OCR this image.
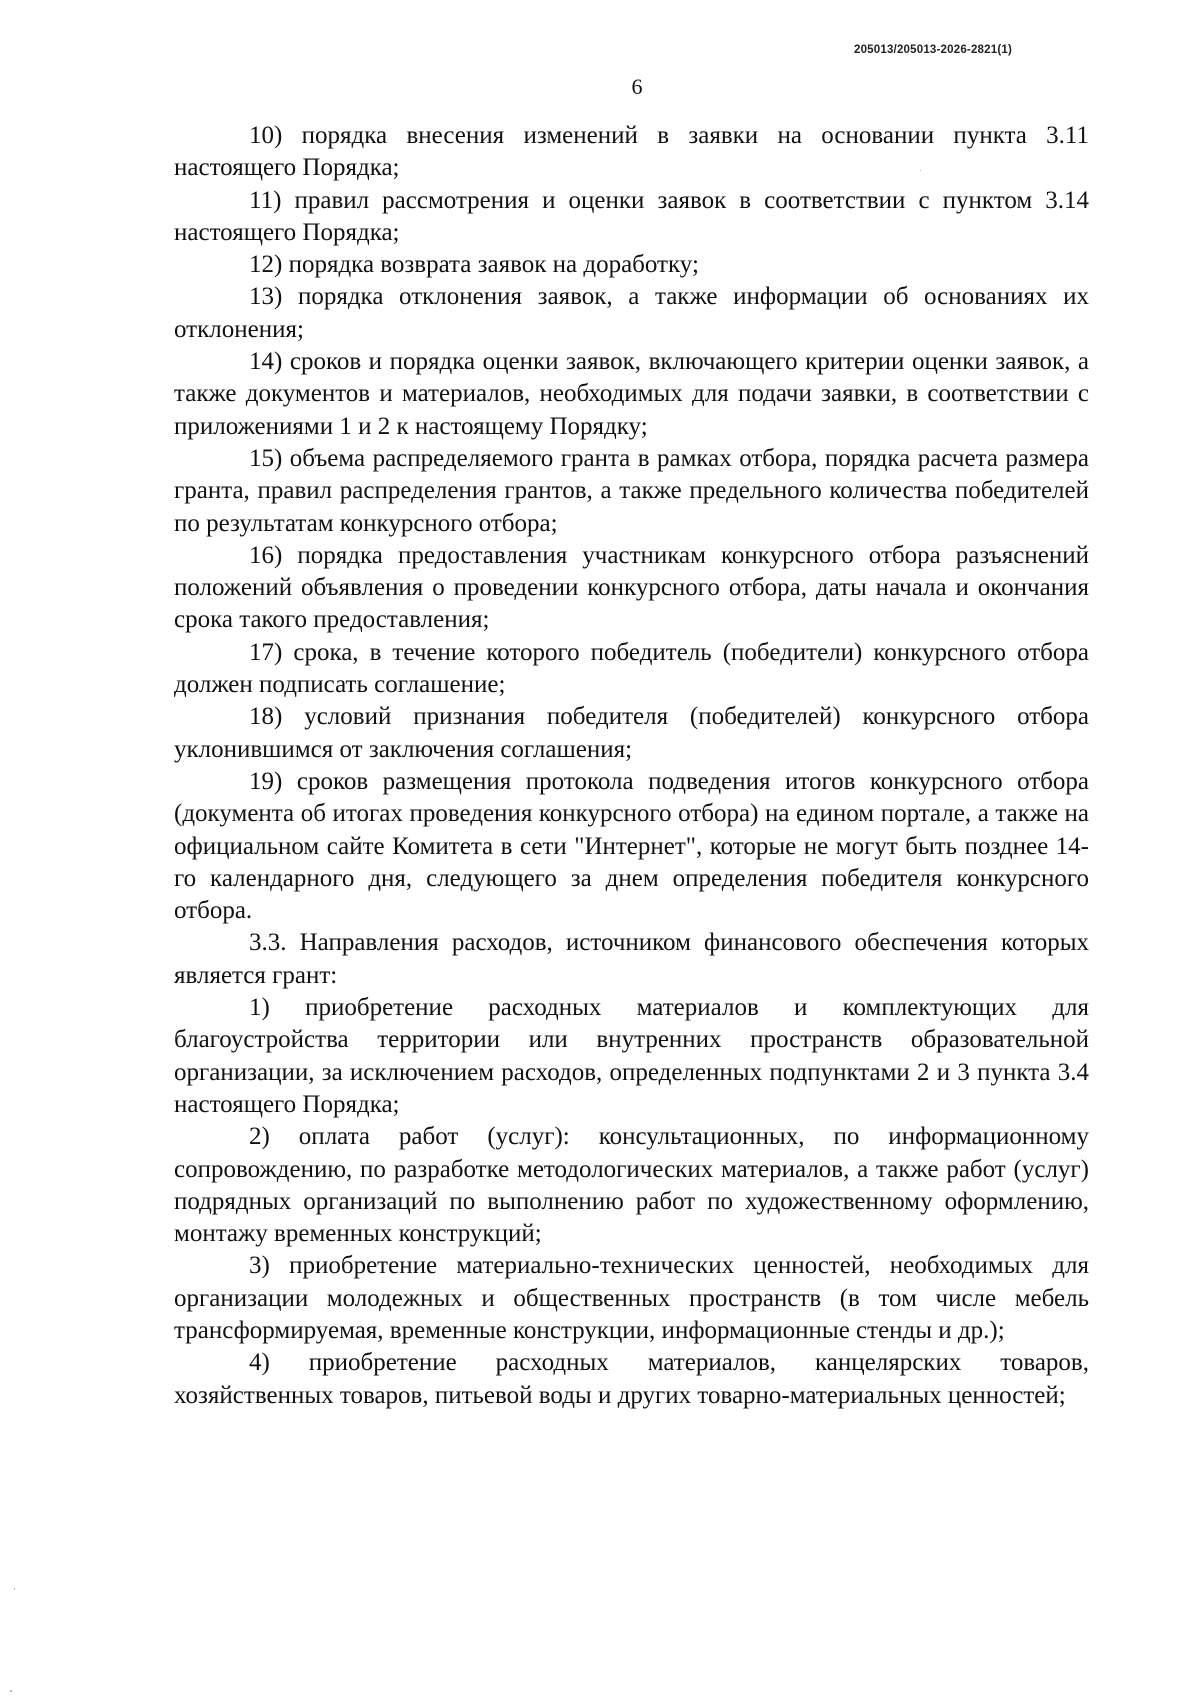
205013/205013-2026-2821(1)
6

10) порядка внесения изменений в заявки на основании пункта 3.11 настоящего Порядка;

11) правил рассмотрения и оценки заявок в соответствии с пунктом 3.14 настоящего Порядка;

12) порядка возврата заявок на доработку;

13) порядка отклонения заявок, а также информации об основаниях их отклонения;

14) сроков и порядка оценки заявок, включающего критерии оценки заявок, а также документов и материалов, необходимых для подачи заявки, в соответствии с приложениями 1 и 2 к настоящему Порядку;

15) объема распределяемого гранта в рамках отбора, порядка расчета размера гранта, правил распределения грантов, а также предельного количества победителей по результатам конкурсного отбора;

16) порядка предоставления участникам конкурсного отбора разъяснений положений объявления о проведении конкурсного отбора, даты начала и окончания срока такого предоставления;

17) срока, в течение которого победитель (победители) конкурсного отбора должен подписать соглашение;

18) условий признания победителя (победителей) конкурсного отбора уклонившимся от заключения соглашения;

19) сроков размещения протокола подведения итогов конкурсного отбора (документа об итогах проведения конкурсного отбора) на едином портале, а также на официальном сайте Комитета в сети "Интернет", которые не могут быть позднее 14-го календарного дня, следующего за днем определения победителя конкурсного отбора.

3.3. Направления расходов, источником финансового обеспечения которых является грант:

1) приобретение расходных материалов и комплектующих для благоустройства территории или внутренних пространств образовательной организации, за исключением расходов, определенных подпунктами 2 и 3 пункта 3.4 настоящего Порядка;

2) оплата работ (услуг): консультационных, по информационному сопровождению, по разработке методологических материалов, а также работ (услуг) подрядных организаций по выполнению работ по художественному оформлению, монтажу временных конструкций;

3) приобретение материально-технических ценностей, необходимых для организации молодежных и общественных пространств (в том числе мебель трансформируемая, временные конструкции, информационные стенды и др.);

4) приобретение расходных материалов, канцелярских товаров, хозяйственных товаров, питьевой воды и других товарно-материальных ценностей;
